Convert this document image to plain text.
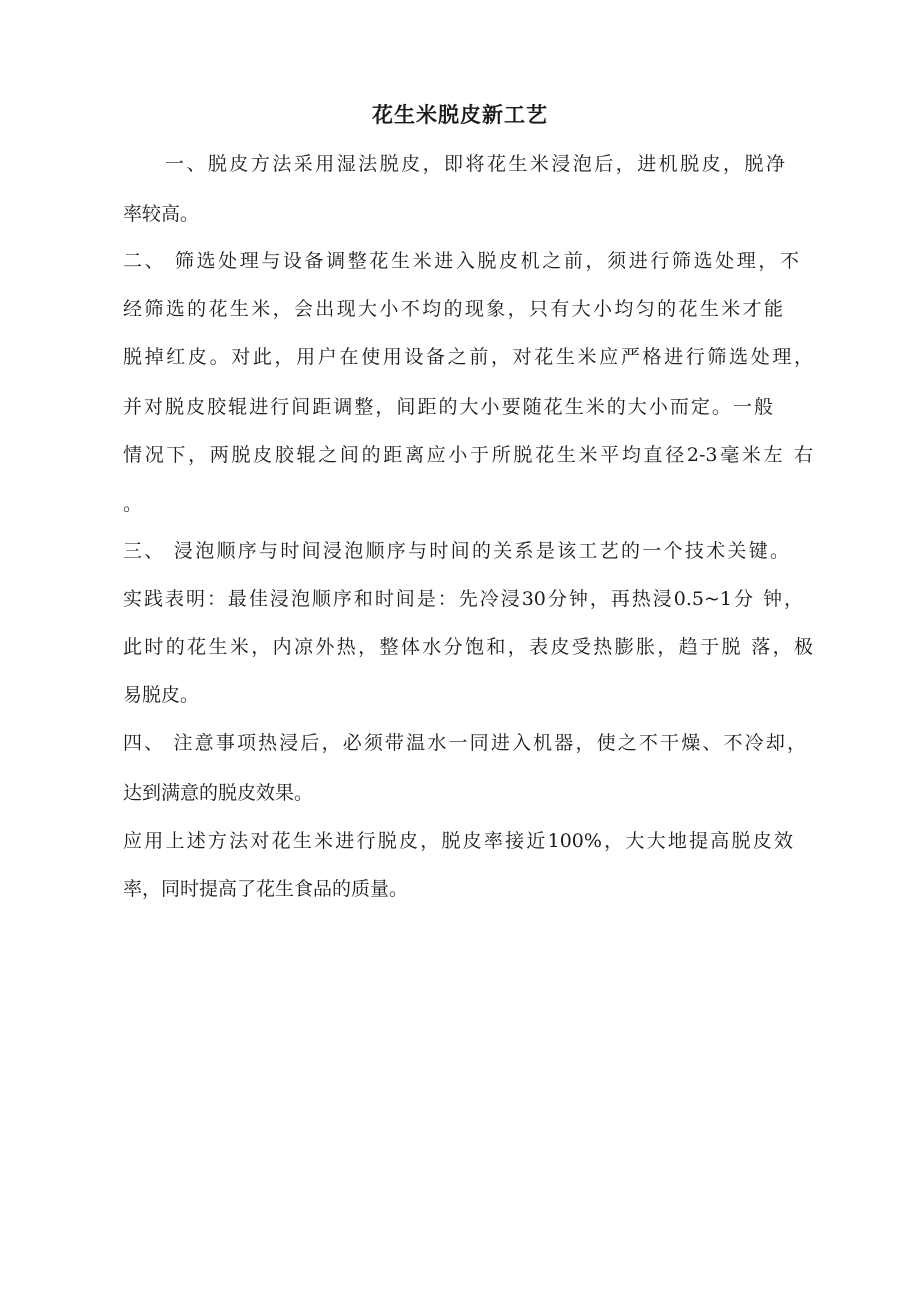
花生米脱皮新工艺

一、脱皮方法采用湿法脱皮，即将花生米浸泡后，进机脱皮，脱净

率较高。

二、 筛选处理与设备调整花生米进入脱皮机之前，须进行筛选处理，不

经筛选的花生米，会出现大小不均的现象，只有大小均匀的花生米才能

脱掉红皮。对此，用户在使用设备之前，对花生米应严格进行筛选处理，

并对脱皮胶辊进行间距调整，间距的大小要随花生米的大小而定。一般

情况下，两脱皮胶辊之间的距离应小于所脱花生米平均直径2-3毫米左 右

。

三、 浸泡顺序与时间浸泡顺序与时间的关系是该工艺的一个技术关键。

实践表明：最佳浸泡顺序和时间是：先冷浸30分钟，再热浸0.5~1分 钟，

此时的花生米，内凉外热，整体水分饱和，表皮受热膨胀，趋于脱 落，极

易脱皮。

四、 注意事项热浸后，必须带温水一同进入机器，使之不干燥、不冷却，

达到满意的脱皮效果。

应用上述方法对花生米进行脱皮，脱皮率接近100%，大大地提高脱皮效

率，同时提高了花生食品的质量。
